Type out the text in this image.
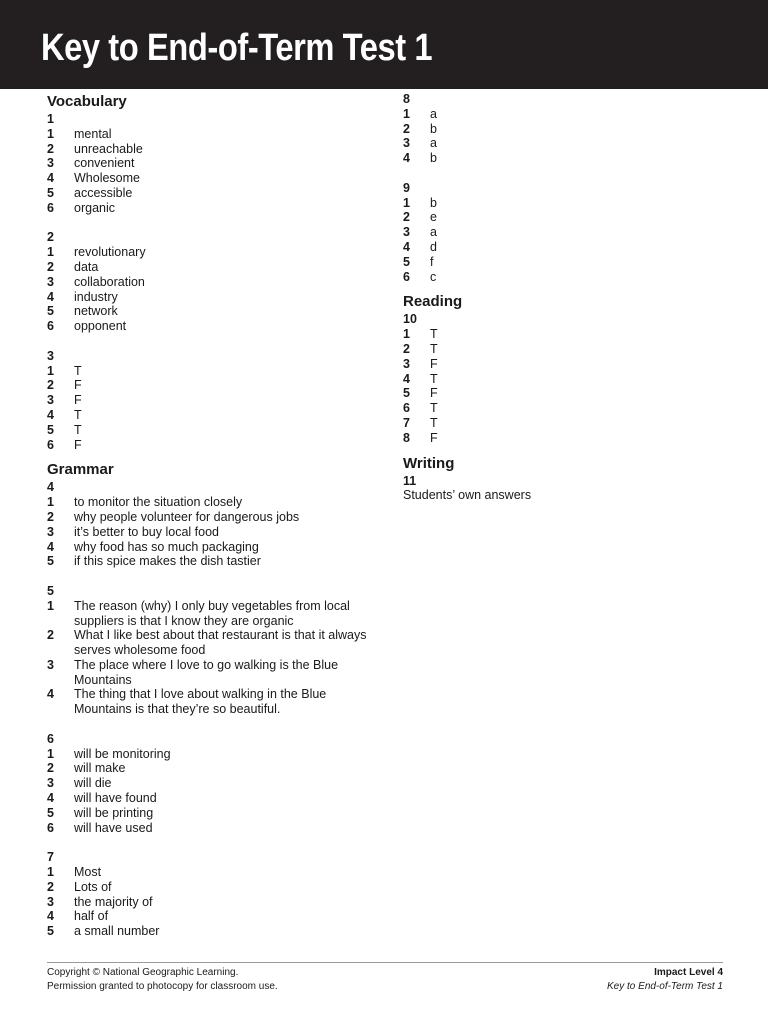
Key to End-of-Term Test 1
Vocabulary
1
1	mental
2	unreachable
3	convenient
4	Wholesome
5	accessible
6	organic
2
1	revolutionary
2	data
3	collaboration
4	industry
5	network
6	opponent
3
1	T
2	F
3	F
4	T
5	T
6	F
Grammar
4
1	to monitor the situation closely
2	why people volunteer for dangerous jobs
3	it’s better to buy local food
4	why food has so much packaging
5	if this spice makes the dish tastier
5
1	The reason (why) I only buy vegetables from local suppliers is that I know they are organic
2	What I like best about that restaurant is that it always serves wholesome food
3	The place where I love to go walking is the Blue Mountains
4	The thing that I love about walking in the Blue Mountains is that they’re so beautiful.
6
1	will be monitoring
2	will make
3	will die
4	will have found
5	will be printing
6	will have used
7
1	Most
2	Lots of
3	the majority of
4	half of
5	a small number
8
1	a
2	b
3	a
4	b
9
1	b
2	e
3	a
4	d
5	f
6	c
Reading
10
1	T
2	T
3	F
4	T
5	F
6	T
7	T
8	F
Writing
11
Students’ own answers
Copyright © National Geographic Learning.
Permission granted to photocopy for classroom use.
Impact Level 4
Key to End-of-Term Test 1
